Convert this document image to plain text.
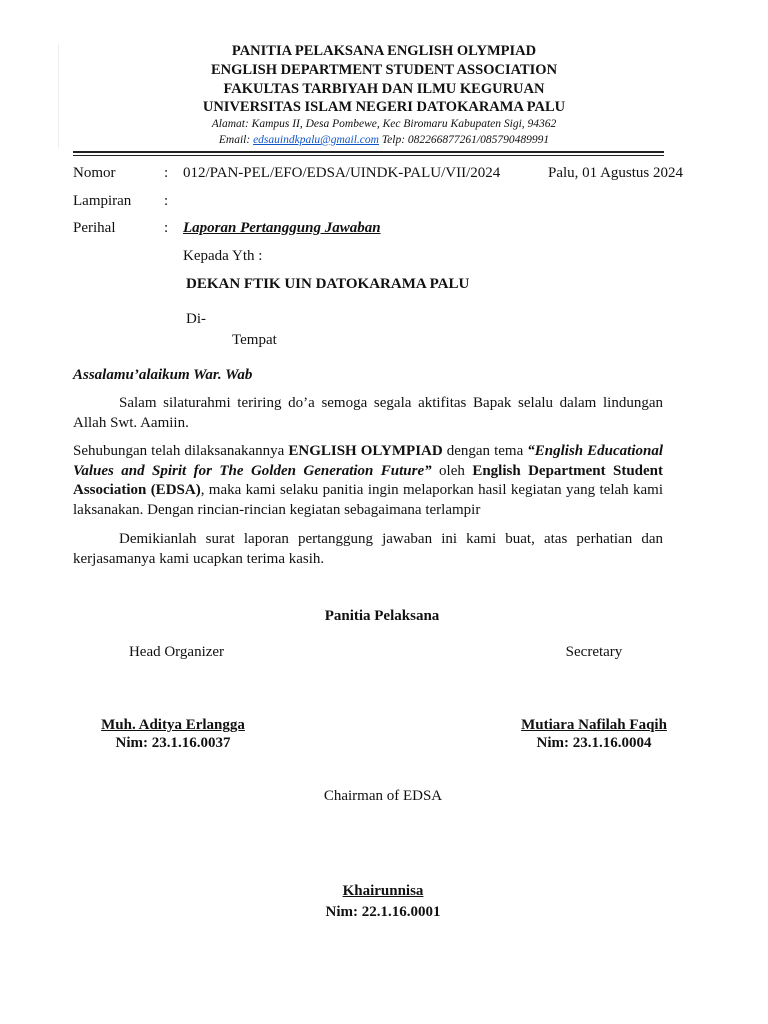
PANITIA PELAKSANA ENGLISH OLYMPIAD
ENGLISH DEPARTMENT STUDENT ASSOCIATION
FAKULTAS TARBIYAH DAN ILMU KEGURUAN
UNIVERSITAS ISLAM NEGERI DATOKARAMA PALU
Alamat: Kampus II, Desa Pombewe, Kec Biromaru Kabupaten Sigi, 94362
Email: edsauindkpalu@gmail.com Telp: 082266877261/085790489991
Nomor	: 012/PAN-PEL/EFO/EDSA/UINDK-PALU/VII/2024	Palu, 01 Agustus 2024
Lampiran :
Perihal	: Laporan Pertanggung Jawaban
Kepada Yth :
DEKAN FTIK UIN DATOKARAMA PALU
Di-
Tempat
Assalamu’alaikum War. Wab
Salam silaturahmi teriring do’a semoga segala aktifitas Bapak selalu dalam lindungan Allah Swt. Aamiin.
Sehubungan telah dilaksanakannya ENGLISH OLYMPIAD dengan tema “English Educational Values and Spirit for The Golden Generation Future” oleh English Department Student Association (EDSA), maka kami selaku panitia ingin melaporkan hasil kegiatan yang telah kami laksanakan. Dengan rincian-rincian kegiatan sebagaimana terlampir
Demikianlah surat laporan pertanggung jawaban ini kami buat, atas perhatian dan kerjasamanya kami ucapkan terima kasih.
Panitia Pelaksana
Head Organizer	Secretary
Muh. Aditya Erlangga
Nim: 23.1.16.0037
Mutiara Nafilah Faqih
Nim: 23.1.16.0004
Chairman of EDSA
Khairunnisa
Nim: 22.1.16.0001
